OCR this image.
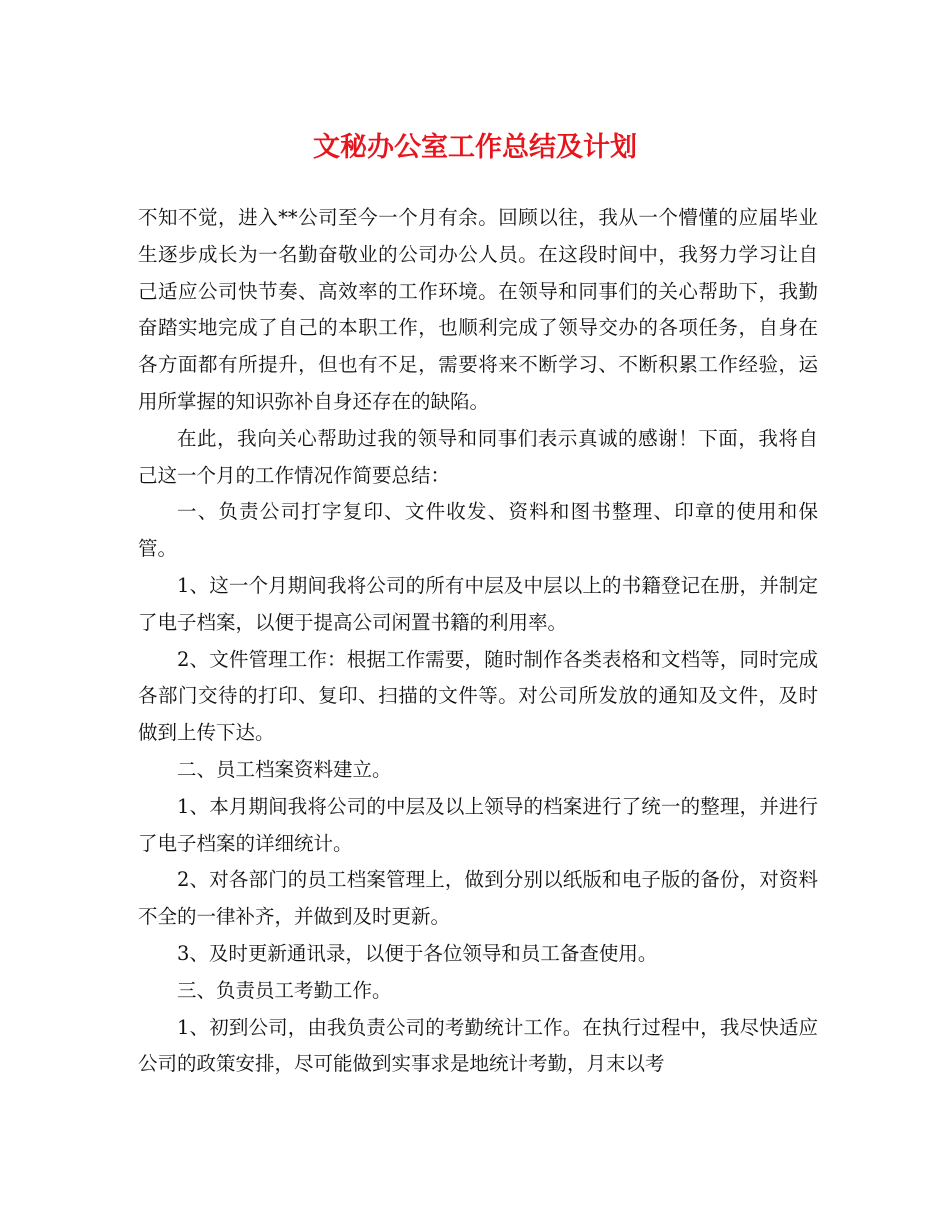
文秘办公室工作总结及计划

不知不觉，进入**公司至今一个月有余。回顾以往，我从一个懵懂的应届毕业生逐步成长为一名勤奋敬业的公司办公人员。在这段时间中，我努力学习让自己适应公司快节奏、高效率的工作环境。在领导和同事们的关心帮助下，我勤奋踏实地完成了自己的本职工作，也顺利完成了领导交办的各项任务，自身在各方面都有所提升，但也有不足，需要将来不断学习、不断积累工作经验，运用所掌握的知识弥补自身还存在的缺陷。

在此，我向关心帮助过我的领导和同事们表示真诚的感谢！下面，我将自己这一个月的工作情况作简要总结：

一、负责公司打字复印、文件收发、资料和图书整理、印章的使用和保管。

1、这一个月期间我将公司的所有中层及中层以上的书籍登记在册，并制定了电子档案，以便于提高公司闲置书籍的利用率。

2、文件管理工作：根据工作需要，随时制作各类表格和文档等，同时完成各部门交待的打印、复印、扫描的文件等。对公司所发放的通知及文件，及时做到上传下达。

二、员工档案资料建立。

1、本月期间我将公司的中层及以上领导的档案进行了统一的整理，并进行了电子档案的详细统计。

2、对各部门的员工档案管理上，做到分别以纸版和电子版的备份，对资料不全的一律补齐，并做到及时更新。

3、及时更新通讯录，以便于各位领导和员工备查使用。

三、负责员工考勤工作。

1、初到公司，由我负责公司的考勤统计工作。在执行过程中，我尽快适应公司的政策安排，尽可能做到实事求是地统计考勤，月末以考
